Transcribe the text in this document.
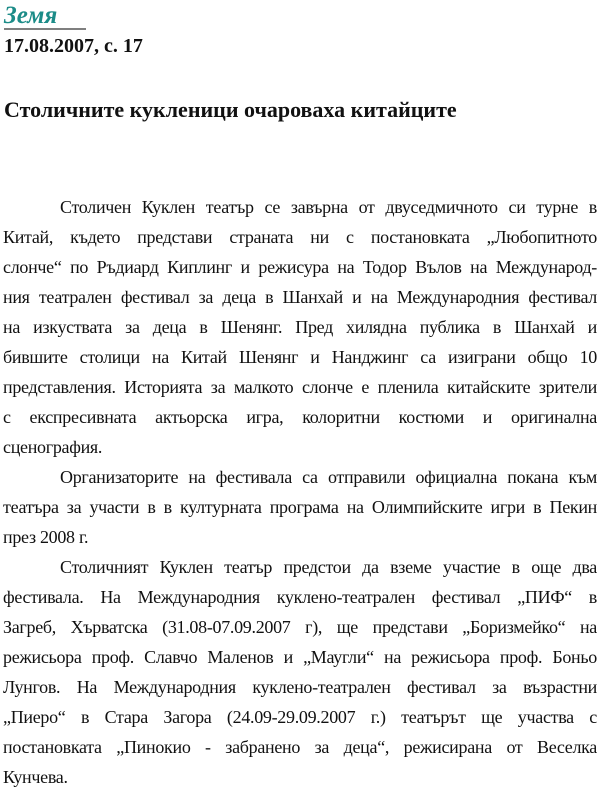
Земя
17.08.2007, с. 17
Столичните кукленици очароваха китайците

Столичен Куклен театър се завърна от двуседмичното си турне в
Китай, където представи страната ни с постановката „Любопитното
слонче“ по Ръдиард Киплинг и режисура на Тодор Вълов на Международ-
ния театрален фестивал за деца в Шанхай и на Международния фестивал
на изкуствата за деца в Шенянг. Пред хилядна публика в Шанхай и
бившите столици на Китай Шенянг и Нанджинг са изиграни общо 10
представления. Историята за малкото слонче е пленила китайските зрители
с експресивната актьорска игра, колоритни костюми и оригинална
сценография.

Организаторите на фестивала са отправили официална покана към
театъра за участи в в културната програма на Олимпийските игри в Пекин
през 2008 г.

Столичният Куклен театър предстои да вземе участие в още два
фестивала. На Международния куклено-театрален фестивал „ПИФ“ в
Загреб, Хърватска (31.08-07.09.2007 г), ще представи „Боризмейко“ на
режисьора проф. Славчо Маленов и „Маугли“ на режисьора проф. Боньо
Лунгов. На Международния куклено-театрален фестивал за възрастни
„Пиеро“ в Стара Загора (24.09-29.09.2007 г.) театърът ще участва с
постановката „Пинокио - забранено за деца“, режисирана от Веселка
Кунчева.
